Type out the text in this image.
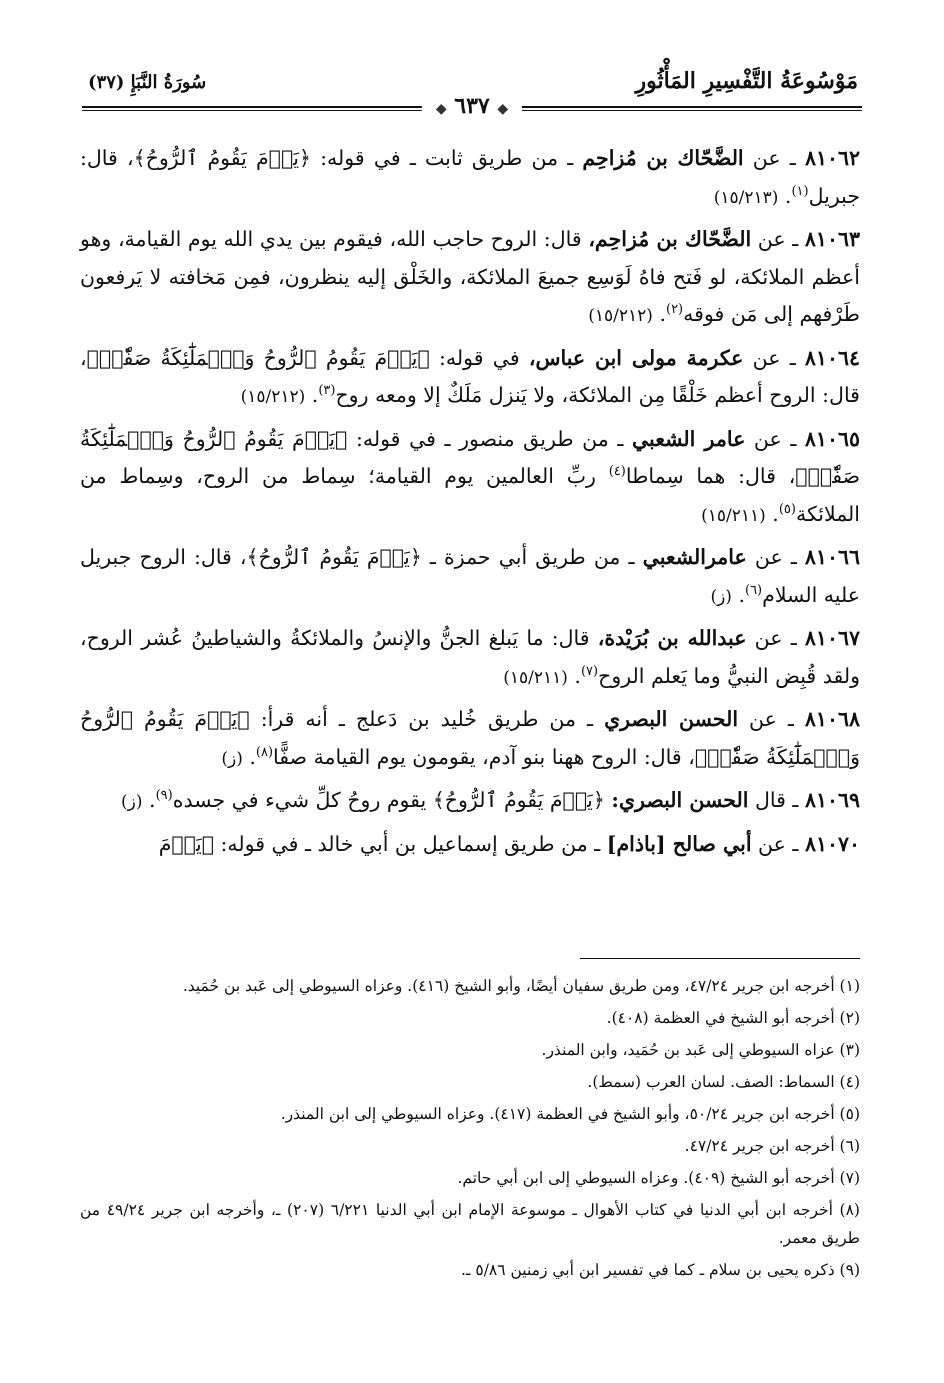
مَوْسُوعَةُ التَّفْسِيرِ المَأْثُورِ
سُورَةُ النَّبَإِ (٣٧)
◆ ٦٣٧ ◆

٨١٠٦٢ ـ عن الضَّحّاك بن مُزاحِم ـ من طريق ثابت ـ في قوله: ﴿يَوۡمَ يَقُومُ ٱلرُّوحُ﴾، قال: جبريل$^{(١)}$. (١٥/٢١٣)

٨١٠٦٣ ـ عن الضَّحّاك بن مُزاحِم، قال: الروح حاجب الله، فيقوم بين يدي الله يوم القيامة، وهو أعظم الملائكة، لو فَتح فاهُ لَوَسِع جميعَ الملائكة، والخَلْق إليه ينظرون، فمِن مَخافته لا يَرفعون طَرْفهم إلى مَن فوقه$^{(٢)}$. (١٥/٢١٢)

٨١٠٦٤ ـ عن عكرمة مولى ابن عباس، في قوله: ﴿يَوۡمَ يَقُومُ ٱلرُّوحُ وَٱلۡمَلَٰٓئِكَةُ صَفّٗاۖ﴾، قال: الروح أعظم خَلْقًا مِن الملائكة، ولا يَنزل مَلَكٌ إلا ومعه روح$^{(٣)}$. (١٥/٢١٢)

٨١٠٦٥ ـ عن عامر الشعبي ـ من طريق منصور ـ في قوله: ﴿يَوۡمَ يَقُومُ ٱلرُّوحُ وَٱلۡمَلَٰٓئِكَةُ صَفّٗاۖ﴾، قال: هما سِماطا$^{(٤)}$ ربِّ العالمين يوم القيامة؛ سِماط من الروح، وسِماط من الملائكة$^{(٥)}$. (١٥/٢١١)

٨١٠٦٦ ـ عن عامرالشعبي ـ من طريق أبي حمزة ـ ﴿يَوۡمَ يَقُومُ ٱلرُّوحُ﴾، قال: الروح جبريل عليه السلام$^{(٦)}$. (ز)

٨١٠٦٧ ـ عن عبدالله بن بُرَيْدة، قال: ما يَبلغ الجنُّ والإنسُ والملائكةُ والشياطينُ عُشر الروح، ولقد قُبِض النبيُّ وما يَعلم الروح$^{(٧)}$. (١٥/٢١١)

٨١٠٦٨ ـ عن الحسن البصري ـ من طريق خُليد بن دَعلج ـ أنه قرأ: ﴿يَوۡمَ يَقُومُ ٱلرُّوحُ وَٱلۡمَلَٰٓئِكَةُ صَفّٗاۖ﴾، قال: الروح ههنا بنو آدم، يقومون يوم القيامة صفًّا$^{(٨)}$. (ز)

٨١٠٦٩ ـ قال الحسن البصري: ﴿يَوۡمَ يَقُومُ ٱلرُّوحُ﴾ يقوم روحُ كلِّ شيء في جسده$^{(٩)}$. (ز)

٨١٠٧٠ ـ عن أبي صالح [باذام] ـ من طريق إسماعيل بن أبي خالد ـ في قوله: ﴿يَوۡمَ

(١) أخرجه ابن جرير ٤٧/٢٤، ومن طريق سفيان أيضًا، وأبو الشيخ (٤١٦). وعزاه السيوطي إلى عَبد بن حُمَيد.

(٢) أخرجه أبو الشيخ في العظمة (٤٠٨).

(٣) عزاه السيوطي إلى عَبد بن حُمَيد، وابن المنذر.

(٤) السماط: الصف. لسان العرب (سمط).

(٥) أخرجه ابن جرير ٥٠/٢٤، وأبو الشيخ في العظمة (٤١٧). وعزاه السيوطي إلى ابن المنذر.

(٦) أخرجه ابن جرير ٤٧/٢٤.

(٧) أخرجه أبو الشيخ (٤٠٩). وعزاه السيوطي إلى ابن أبي حاتم.

(٨) أخرجه ابن أبي الدنيا في كتاب الأهوال ـ موسوعة الإمام ابن أبي الدنيا ٦/٢٢١ (٢٠٧) ـ، وأخرجه ابن جرير ٤٩/٢٤ من طريق معمر.

(٩) ذكره يحيى بن سلام ـ كما في تفسير ابن أبي زمنين ٥/٨٦ ـ.
